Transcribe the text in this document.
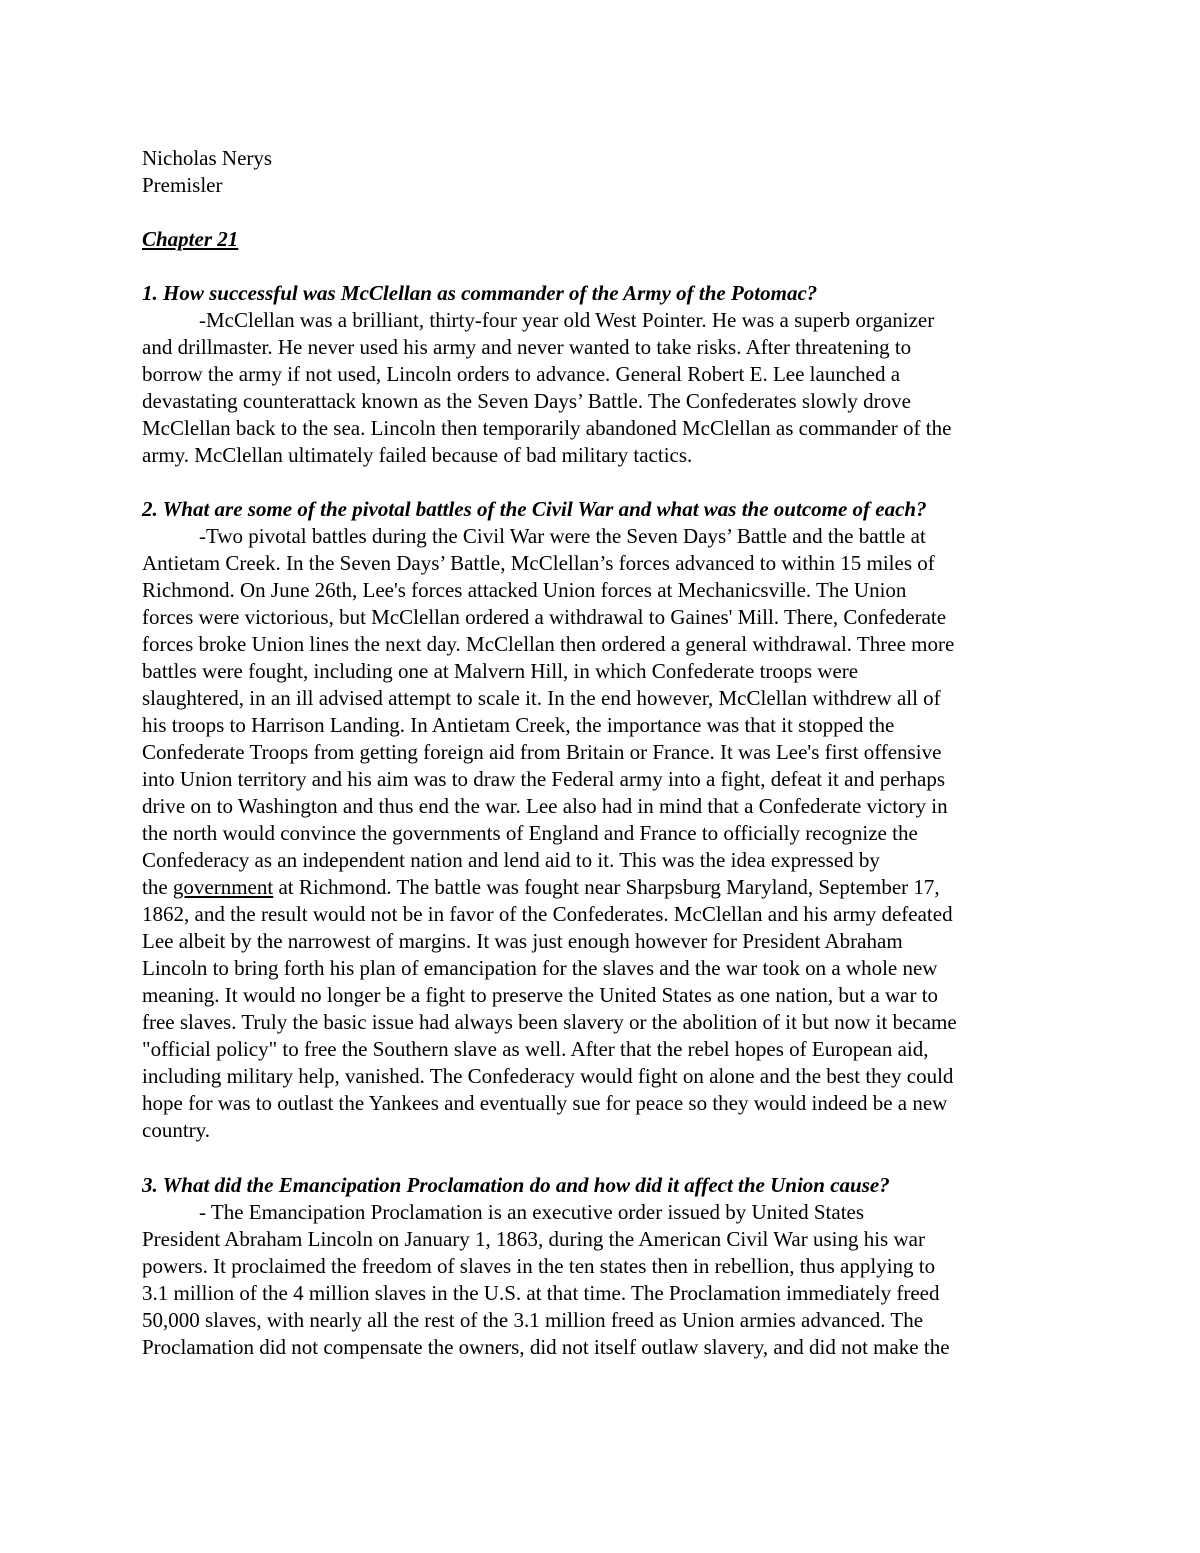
Nicholas Nerys
Premisler
Chapter 21
1. How successful was McClellan as commander of the Army of the Potomac?
-McClellan was a brilliant, thirty-four year old West Pointer. He was a superb organizer
and drillmaster. He never used his army and never wanted to take risks. After threatening to
borrow the army if not used, Lincoln orders to advance. General Robert E. Lee launched a
devastating counterattack known as the Seven Days’ Battle. The Confederates slowly drove
McClellan back to the sea. Lincoln then temporarily abandoned McClellan as commander of the
army. McClellan ultimately failed because of bad military tactics.
2. What are some of the pivotal battles of the Civil War and what was the outcome of each?
-Two pivotal battles during the Civil War were the Seven Days’ Battle and the battle at
Antietam Creek. In the Seven Days’ Battle, McClellan’s forces advanced to within 15 miles of
Richmond. On June 26th, Lee's forces attacked Union forces at Mechanicsville. The Union
forces were victorious, but McClellan ordered a withdrawal to Gaines' Mill. There, Confederate
forces broke Union lines the next day. McClellan then ordered a general withdrawal. Three more
battles were fought, including one at Malvern Hill, in which Confederate troops were
slaughtered, in an ill advised attempt to scale it. In the end however, McClellan withdrew all of
his troops to Harrison Landing. In Antietam Creek, the importance was that it stopped the
Confederate Troops from getting foreign aid from Britain or France. It was Lee's first offensive
into Union territory and his aim was to draw the Federal army into a fight, defeat it and perhaps
drive on to Washington and thus end the war. Lee also had in mind that a Confederate victory in
the north would convince the governments of England and France to officially recognize the
Confederacy as an independent nation and lend aid to it. This was the idea expressed by
the government at Richmond. The battle was fought near Sharpsburg Maryland, September 17,
1862, and the result would not be in favor of the Confederates. McClellan and his army defeated
Lee albeit by the narrowest of margins. It was just enough however for President Abraham
Lincoln to bring forth his plan of emancipation for the slaves and the war took on a whole new
meaning. It would no longer be a fight to preserve the United States as one nation, but a war to
free slaves. Truly the basic issue had always been slavery or the abolition of it but now it became
"official policy" to free the Southern slave as well. After that the rebel hopes of European aid,
including military help, vanished. The Confederacy would fight on alone and the best they could
hope for was to outlast the Yankees and eventually sue for peace so they would indeed be a new
country.
3. What did the Emancipation Proclamation do and how did it affect the Union cause?
- The Emancipation Proclamation is an executive order issued by United States
President Abraham Lincoln on January 1, 1863, during the American Civil War using his war
powers. It proclaimed the freedom of slaves in the ten states then in rebellion, thus applying to
3.1 million of the 4 million slaves in the U.S. at that time. The Proclamation immediately freed
50,000 slaves, with nearly all the rest of the 3.1 million freed as Union armies advanced. The
Proclamation did not compensate the owners, did not itself outlaw slavery, and did not make the
